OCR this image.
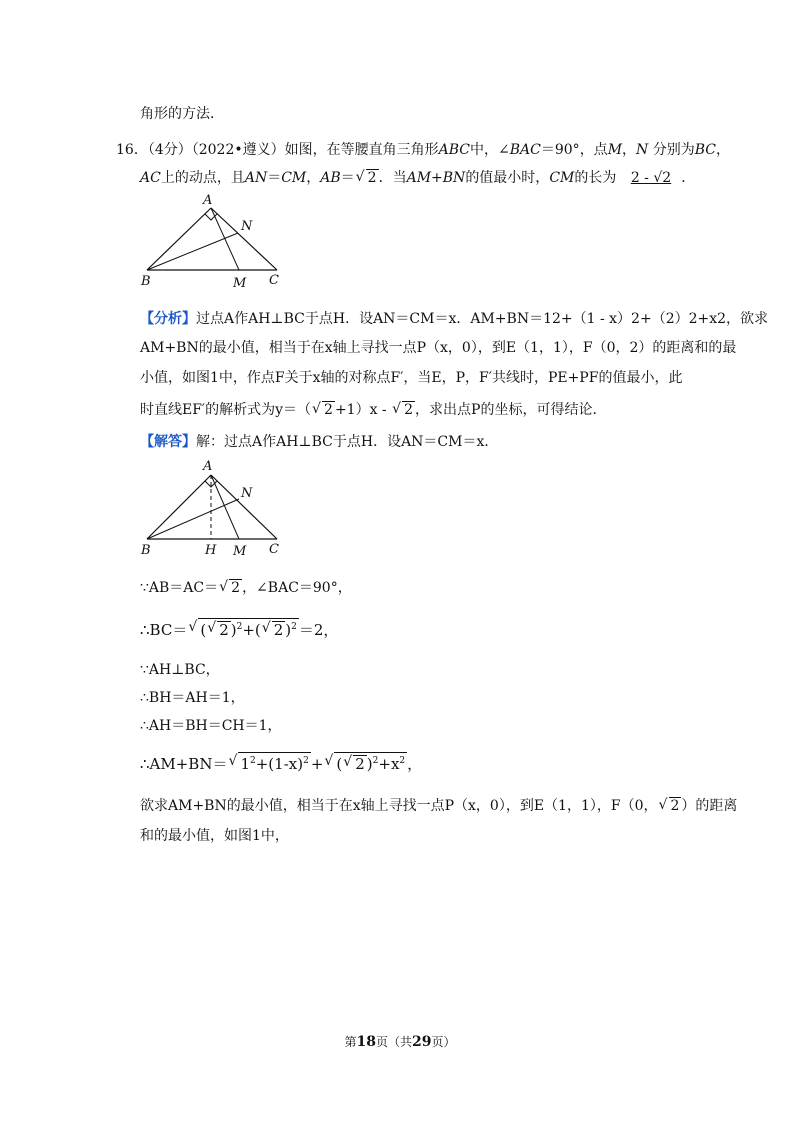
角形的方法．
16．（4分）（2022•遵义）如图，在等腰直角三角形ABC中，∠BAC＝90°，点M，N 分别为BC，
AC上的动点，且AN＝CM，AB＝ √ 2 ．当AM+BN的值最小时，CM的长为 2 - √2 ．
A
N
B	M C
【分析】过点A作AH⊥BC于点H．设AN＝CM＝x．AM+BN＝12+（1 - x）2+（2）2+x2，欲求
AM+BN的最小值，相当于在x轴上寻找一点P（x，0），到E（1，1），F（0，2）的距离和的最
小值，如图1中，作点F关于x轴的对称点F′，当E，P，F′共线时，PE+PF的值最小，此
时直线EF′的解析式为y＝（ √ 2 +1）x - √ 2 ，求出点P的坐标，可得结论．
【解答】解：过点A作AH⊥BC于点H．设AN＝CM＝x．
A
N
B	H M C
∵AB＝AC＝ √ 2 ，∠BAC＝90°，
∴BC＝ √ ( √ 2 )$^2$+( √ 2 )$^2$ ＝2，
∵AH⊥BC，
∴BH＝AH＝1，
∴AH＝BH＝CH＝1，
∴AM+BN＝ √ $1^2+(1-x)^2$ + √ ( √ 2 )$^2+x^2$ ，
欲求AM+BN的最小值，相当于在x轴上寻找一点P（x，0），到E（1，1），F（0， √ 2 ）的距离
和的最小值，如图1中，
第18页（共29页）
